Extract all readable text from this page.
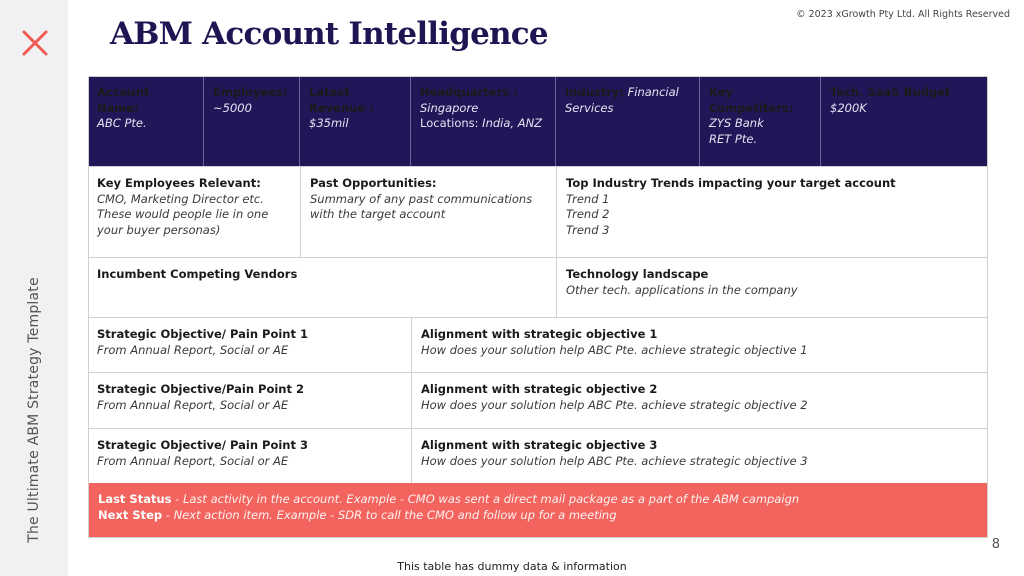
The Ultimate ABM Strategy Template
© 2023 xGrowth Pty Ltd. All Rights Reserved
ABM Account Intelligence
Account Name:
ABC Pte.
Employees:
~5000
Latest Revenue :
$35mil
Headquarters :
Singapore
Locations: India, ANZ
Industry: Financial Services
Key Competitors:
ZYS Bank
RET Pte.
Tech. SaaS Budget
$200K
Key Employees Relevant:
CMO, Marketing Director etc.
These would people lie in one
your buyer personas)
Past Opportunities:
Summary of any past communications
with the target account
Top Industry Trends impacting your target account
Trend 1
Trend 2
Trend 3
Incumbent Competing Vendors	Technology landscape
Other tech. applications in the company
Strategic Objective/ Pain Point 1
From Annual Report, Social or AE
Alignment with strategic objective 1
How does your solution help ABC Pte. achieve strategic objective 1
Strategic Objective/Pain Point 2
From Annual Report, Social or AE
Alignment with strategic objective 2
How does your solution help ABC Pte. achieve strategic objective 2
Strategic Objective/ Pain Point 3
From Annual Report, Social or AE
Alignment with strategic objective 3
How does your solution help ABC Pte. achieve strategic objective 3
Last Status - Last activity in the account. Example - CMO was sent a direct mail package as a part of the ABM campaign
Next Step - Next action item. Example - SDR to call the CMO and follow up for a meeting
8
This table has dummy data & information
